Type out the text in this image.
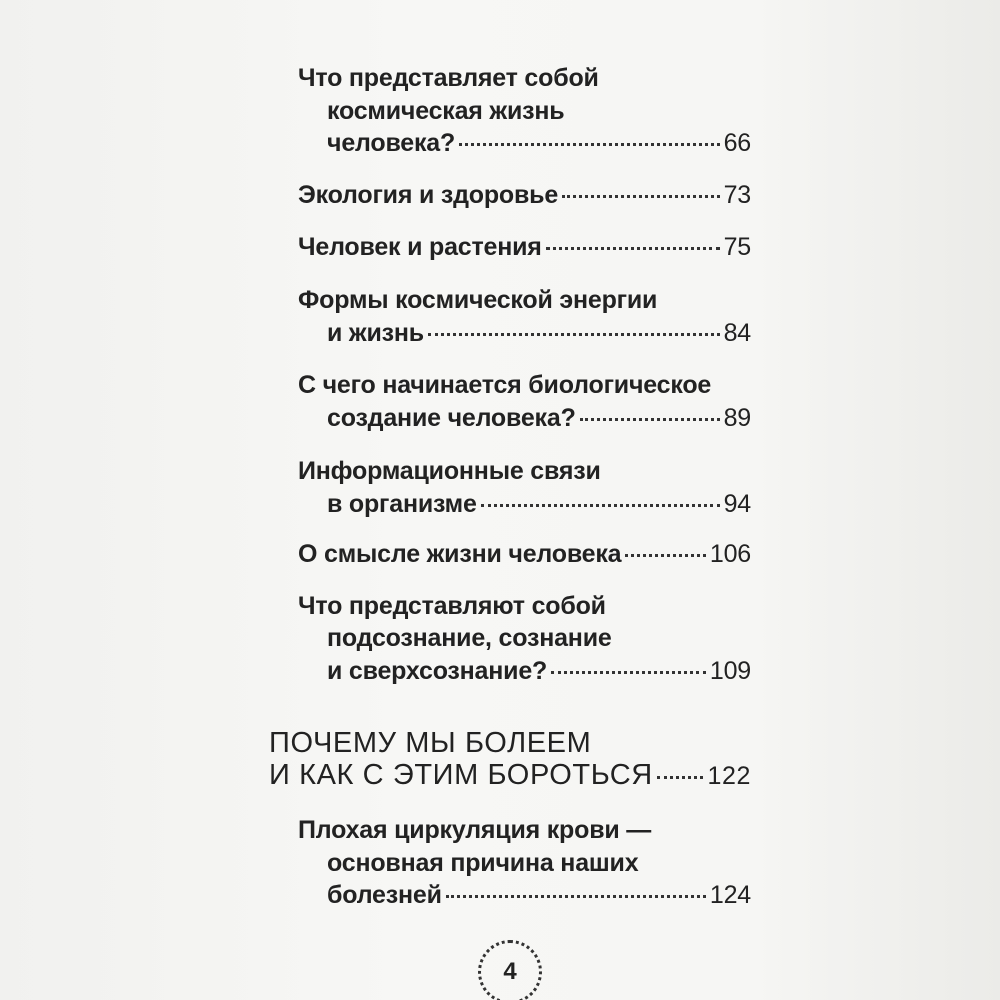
Что представляет собой
космическая жизнь
человека?	66
Экология и здоровье	73
Человек и растения	75
Формы космической энергии
и жизнь	84
С чего начинается биологическое
создание человека?	89
Информационные связи
в организме	94
О смысле жизни человека	106
Что представляют собой
подсознание, сознание
и сверхсознание?	109
ПОЧЕМУ МЫ БОЛЕЕМ
И КАК С ЭТИМ БОРОТЬСЯ 122
Плохая циркуляция крови —
основная причина наших
болезней	124
4
